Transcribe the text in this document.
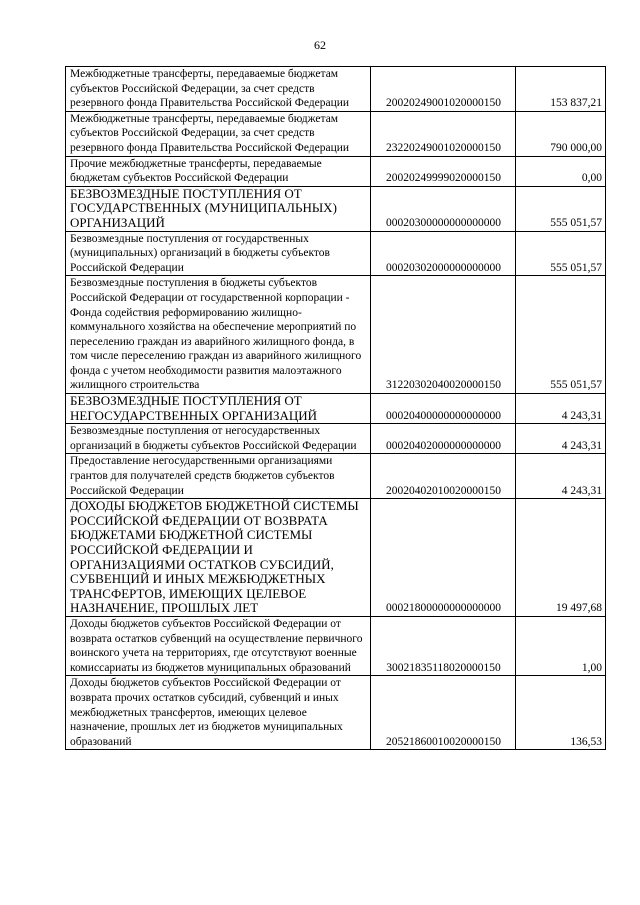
62
Межбюджетные трансферты, передаваемые бюджетам субъектов Российской Федерации, за счет средств резервного фонда Правительства Российской Федерации	20020249001020000150	153 837,21
Межбюджетные трансферты, передаваемые бюджетам субъектов Российской Федерации, за счет средств резервного фонда Правительства Российской Федерации	23220249001020000150	790 000,00
Прочие межбюджетные трансферты, передаваемые бюджетам субъектов Российской Федерации	20020249999020000150	0,00
БЕЗВОЗМЕЗДНЫЕ ПОСТУПЛЕНИЯ ОТ ГОСУДАРСТВЕННЫХ (МУНИЦИПАЛЬНЫХ) ОРГАНИЗАЦИЙ	00020300000000000000	555 051,57
Безвозмездные поступления от государственных (муниципальных) организаций в бюджеты субъектов Российской Федерации	00020302000000000000	555 051,57
Безвозмездные поступления в бюджеты субъектов Российской Федерации от государственной корпорации - Фонда содействия реформированию жилищно-коммунального хозяйства на обеспечение мероприятий по переселению граждан из аварийного жилищного фонда, в том числе переселению граждан из аварийного жилищного фонда с учетом необходимости развития малоэтажного жилищного строительства	31220302040020000150	555 051,57
БЕЗВОЗМЕЗДНЫЕ ПОСТУПЛЕНИЯ ОТ НЕГОСУДАРСТВЕННЫХ ОРГАНИЗАЦИЙ	00020400000000000000	4 243,31
Безвозмездные поступления от негосударственных организаций в бюджеты субъектов Российской Федерации	00020402000000000000	4 243,31
Предоставление негосударственными организациями грантов для получателей средств бюджетов субъектов Российской Федерации	20020402010020000150	4 243,31
ДОХОДЫ БЮДЖЕТОВ БЮДЖЕТНОЙ СИСТЕМЫ РОССИЙСКОЙ ФЕДЕРАЦИИ ОТ ВОЗВРАТА БЮДЖЕТАМИ БЮДЖЕТНОЙ СИСТЕМЫ РОССИЙСКОЙ ФЕДЕРАЦИИ И ОРГАНИЗАЦИЯМИ ОСТАТКОВ СУБСИДИЙ, СУБВЕНЦИЙ И ИНЫХ МЕЖБЮДЖЕТНЫХ ТРАНСФЕРТОВ, ИМЕЮЩИХ ЦЕЛЕВОЕ НАЗНАЧЕНИЕ, ПРОШЛЫХ ЛЕТ	00021800000000000000	19 497,68
Доходы бюджетов субъектов Российской Федерации от возврата остатков субвенций на осуществление первичного воинского учета на территориях, где отсутствуют военные комиссариаты из бюджетов муниципальных образований	30021835118020000150	1,00
Доходы бюджетов субъектов Российской Федерации от возврата прочих остатков субсидий, субвенций и иных межбюджетных трансфертов, имеющих целевое назначение, прошлых лет из бюджетов муниципальных образований	20521860010020000150	136,53
